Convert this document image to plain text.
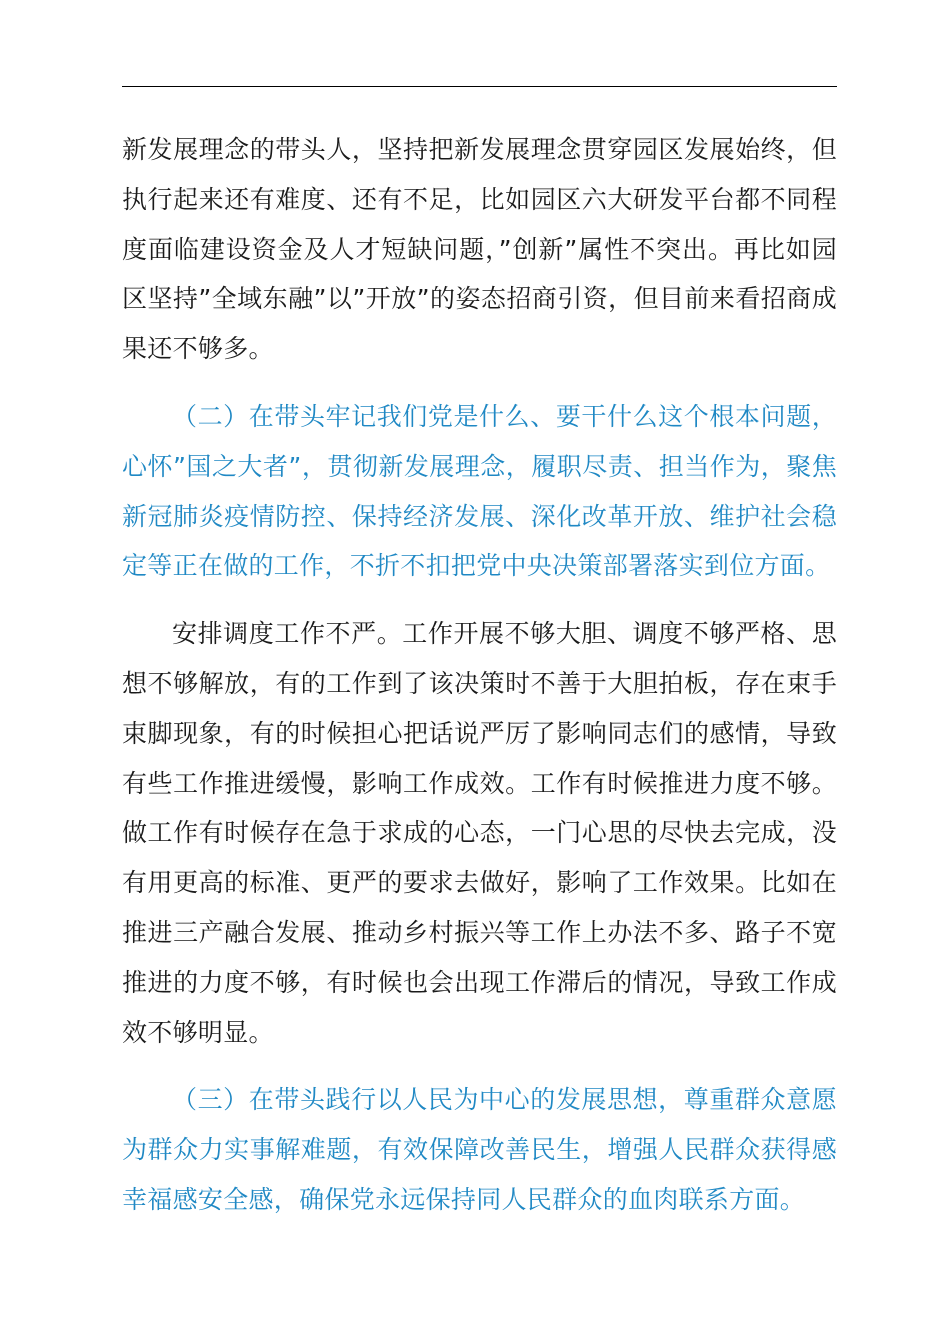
新发展理念的带头人，坚持把新发展理念贯穿园区发展始终，但执行起来还有难度、还有不足，比如园区六大研发平台都不同程度面临建设资金及人才短缺问题，”创新”属性不突出。再比如园区坚持”全域东融”以”开放”的姿态招商引资，但目前来看招商成果还不够多。

（二）在带头牢记我们党是什么、要干什么这个根本问题，心怀”国之大者”，贯彻新发展理念，履职尽责、担当作为，聚焦新冠肺炎疫情防控、保持经济发展、深化改革开放、维护社会稳定等正在做的工作，不折不扣把党中央决策部署落实到位方面。

安排调度工作不严。工作开展不够大胆、调度不够严格、思想不够解放，有的工作到了该决策时不善于大胆拍板，存在束手束脚现象，有的时候担心把话说严厉了影响同志们的感情，导致有些工作推进缓慢，影响工作成效。工作有时候推进力度不够。做工作有时候存在急于求成的心态，一门心思的尽快去完成，没有用更高的标准、更严的要求去做好，影响了工作效果。比如在推进三产融合发展、推动乡村振兴等工作上办法不多、路子不宽推进的力度不够，有时候也会出现工作滞后的情况，导致工作成效不够明显。

（三）在带头践行以人民为中心的发展思想，尊重群众意愿为群众力实事解难题，有效保障改善民生，增强人民群众获得感幸福感安全感，确保党永远保持同人民群众的血肉联系方面。
